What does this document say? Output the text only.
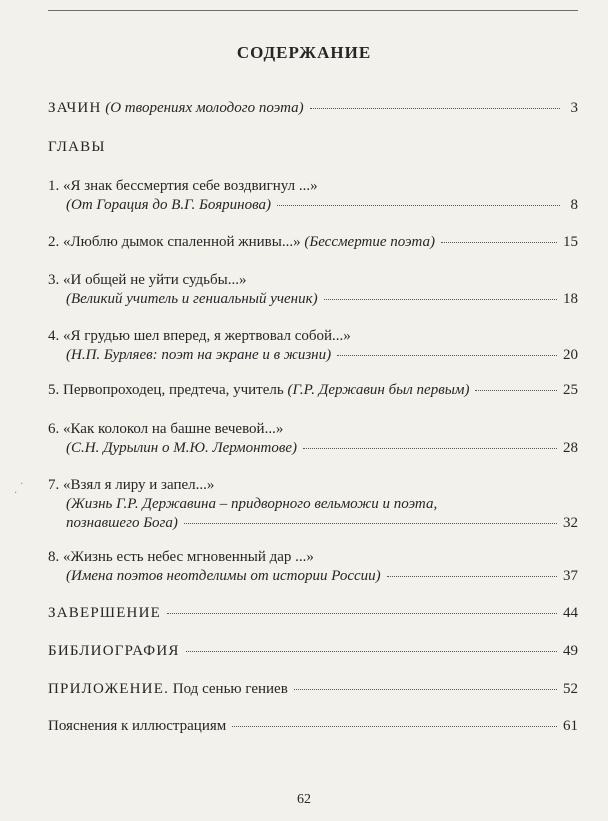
СОДЕРЖАНИЕ
ЗАЧИН (О творениях молодого поэта)	3
ГЛАВЫ
1. «Я знак бессмертия себе воздвигнул ...»
(От Горация до В.Г. Бояринова)	8
2. «Люблю дымок спаленной жнивы...» (Бессмертие поэта)	15
3. «И общей не уйти судьбы...»
(Великий учитель и гениальный ученик)	18
4. «Я грудью шел вперед, я жертвовал собой...»
(Н.П. Бурляев: поэт на экране и в жизни)	20
5. Первопроходец, предтеча, учитель (Г.Р. Державин был первым)	25
6. «Как колокол на башне вечевой...»
(С.Н. Дурылин о М.Ю. Лермонтове)	28
7. «Взял я лиру и запел...»
(Жизнь Г.Р. Державина – придворного вельможи и поэта,
познавшего Бога)	32
8. «Жизнь есть небес мгновенный дар ...»
(Имена поэтов неотделимы от истории России)	37
ЗАВЕРШЕНИЕ	44
БИБЛИОГРАФИЯ	49
ПРИЛОЖЕНИЕ. Под сенью гениев	52
Пояснения к иллюстрациям	61
·
·
62
